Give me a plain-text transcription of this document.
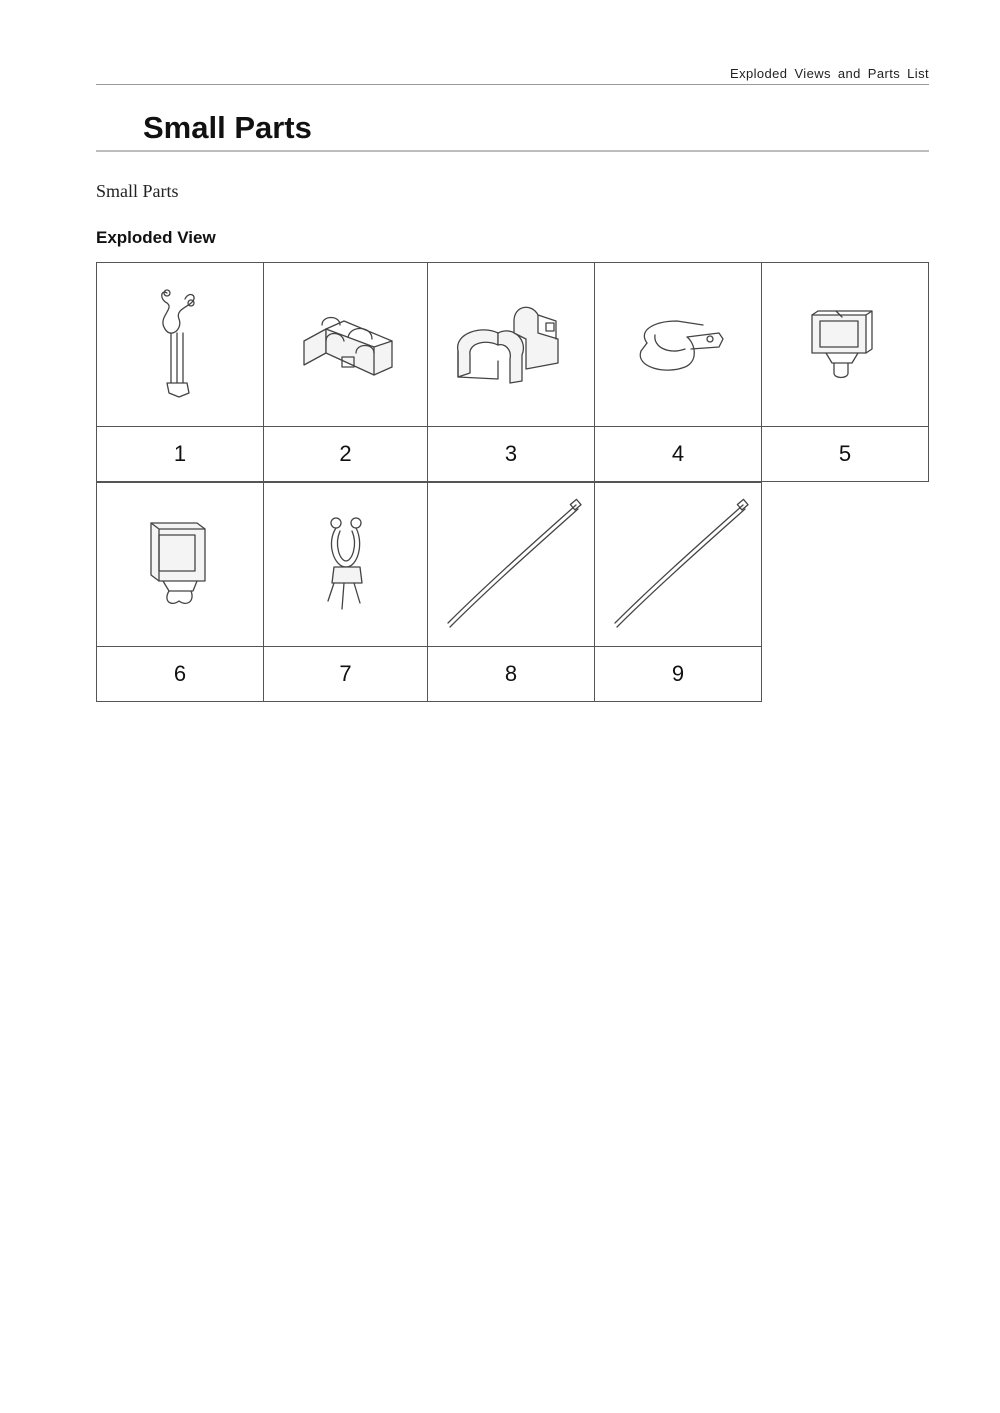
Exploded Views and Parts List
Small Parts
Small Parts
Exploded View
1	2	3	4	5
6	7	8	9
